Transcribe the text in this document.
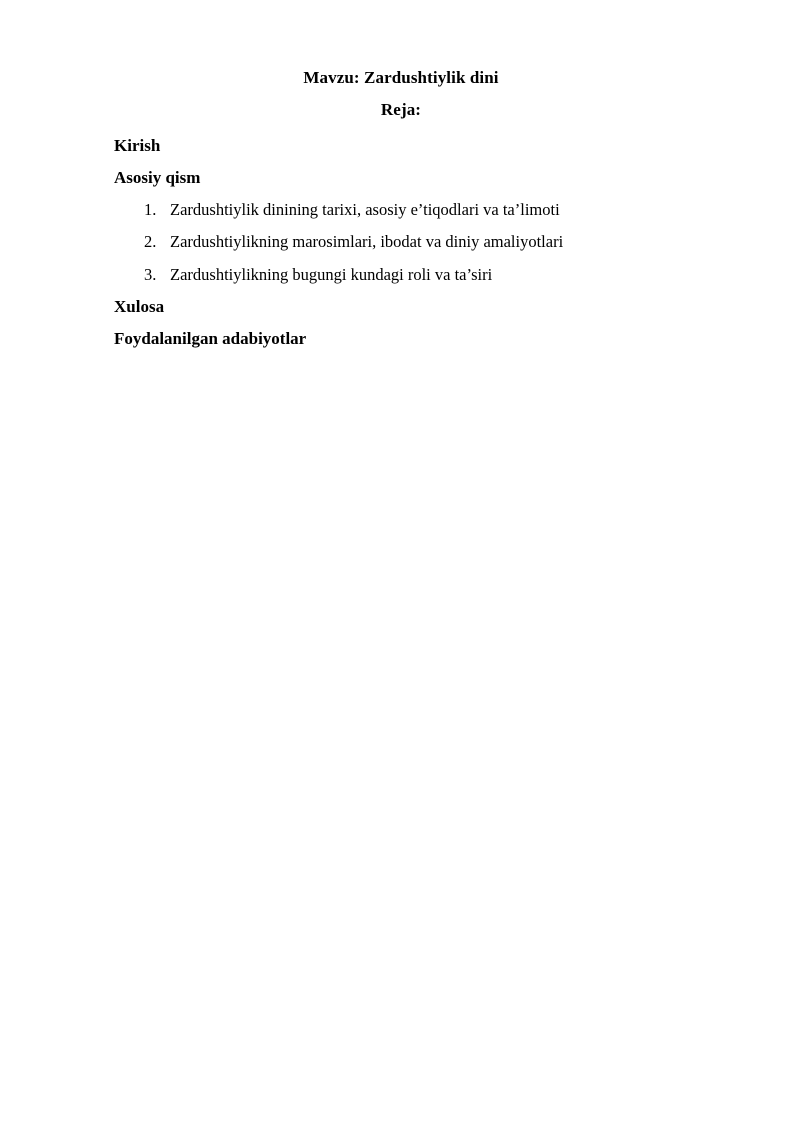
Mavzu: Zardushtiylik dini
Reja:

Kirish

Asosiy qism

1. Zardushtiylik dinining tarixi, asosiy e’tiqodlari va ta’limoti
2. Zardushtiylikning marosimlari, ibodat va diniy amaliyotlari
3. Zardushtiylikning bugungi kundagi roli va ta’siri

Xulosa

Foydalanilgan adabiyotlar
